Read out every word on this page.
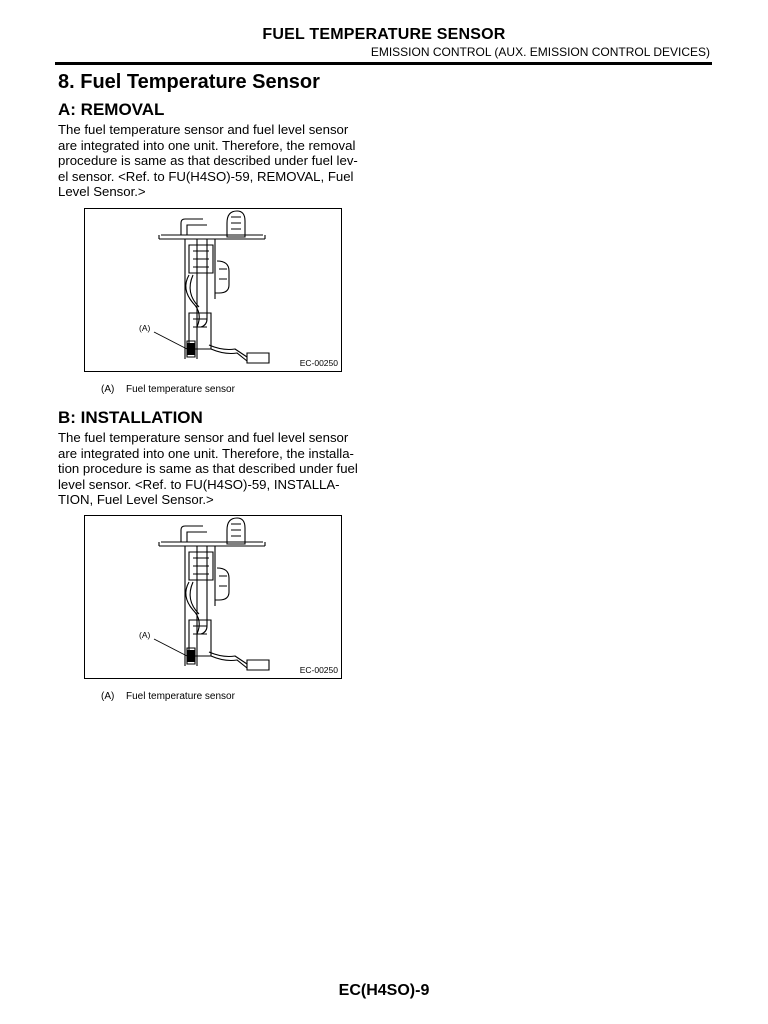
FUEL TEMPERATURE SENSOR
EMISSION CONTROL (AUX. EMISSION CONTROL DEVICES)
8. Fuel Temperature Sensor
A: REMOVAL
The fuel temperature sensor and fuel level sensor
are integrated into one unit. Therefore, the removal
procedure is same as that described under fuel lev-
el sensor. <Ref. to FU(H4SO)-59, REMOVAL, Fuel
Level Sensor.>
(A)
EC-00250
(A) Fuel temperature sensor
B: INSTALLATION
The fuel temperature sensor and fuel level sensor
are integrated into one unit. Therefore, the installa-
tion procedure is same as that described under fuel
level sensor. <Ref. to FU(H4SO)-59, INSTALLA-
TION, Fuel Level Sensor.>
(A)
EC-00250
(A) Fuel temperature sensor
EC(H4SO)-9
